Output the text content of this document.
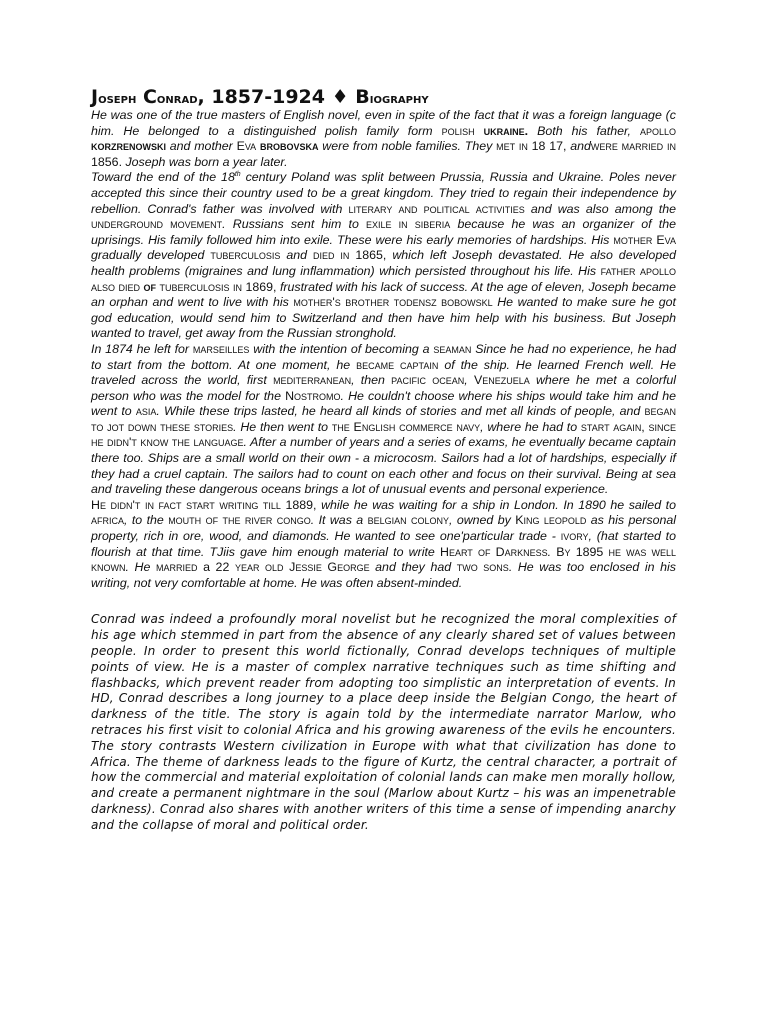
Joseph Conrad, 1857-1924 ♦ Biography

He was one of the true masters of English novel, even in spite of the fact that it was a foreign language (c him. He belonged to a distinguished polish family form polish ukraine. Both his father, apollo korzrenowski and mother Eva brobovska were from noble families. They met in 18 17, andwere married in 1856. Joseph was born a year later.

Toward the end of the 18th century Poland was split between Prussia, Russia and Ukraine. Poles never accepted this since their country used to be a great kingdom. They tried to regain their independence by rebellion. Conrad's father was involved with literary and political activities and was also among the underground movement. Russians sent him to exile in siberia because he was an organizer of the uprisings. His family followed him into exile. These were his early memories of hardships. His mother Eva gradually developed tuberculosis and died in 1865, which left Joseph devastated. He also developed health problems (migraines and lung inflammation) which persisted throughout his life. His father apollo also died of tuberculosis in 1869, frustrated with his lack of success. At the age of eleven, Joseph became an orphan and went to live with his mother's brother todensz bobowskl He wanted to make sure he got god education, would send him to Switzerland and then have him help with his business. But Joseph wanted to travel, get away from the Russian stronghold.

In 1874 he left for marseilles with the intention of becoming a seaman Since he had no experience, he had to start from the bottom. At one moment, he became captain of the ship. He learned French well. He traveled across the world, first mediterranean, then pacific ocean, Venezuela where he met a colorful person who was the model for the Nostromo. He couldn't choose where his ships would take him and he went to asia. While these trips lasted, he heard all kinds of stories and met all kinds of people, and began to jot down these stories. He then went to the English commerce navy, where he had to start again, since he didn't know the language. After a number of years and a series of exams, he eventually became captain there too. Ships are a small world on their own - a microcosm. Sailors had a lot of hardships, especially if they had a cruel captain. The sailors had to count on each other and focus on their survival. Being at sea and traveling these dangerous oceans brings a lot of unusual events and personal experience.

He didn't in fact start writing till 1889, while he was waiting for a ship in London. In 1890 he sailed to africa, to the mouth of the river congo. It was a belgian colony, owned by King leopold as his personal property, rich in ore, wood, and diamonds. He wanted to see one'particular trade - ivory, (hat started to flourish at that time. TJiis gave him enough material to write Heart of Darkness. By 1895 he was well known. He married a 22 year old Jessie George and they had two sons. He was too enclosed in his writing, not very comfortable at home. He was often absent-minded.

Conrad was indeed a profoundly moral novelist but he recognized the moral complexities of his age which stemmed in part from the absence of any clearly shared set of values between people. In order to present this world fictionally, Conrad develops techniques of multiple points of view. He is a master of complex narrative techniques such as time shifting and flashbacks, which prevent reader from adopting too simplistic an interpretation of events. In HD, Conrad describes a long journey to a place deep inside the Belgian Congo, the heart of darkness of the title. The story is again told by the intermediate narrator Marlow, who retraces his first visit to colonial Africa and his growing awareness of the evils he encounters. The story contrasts Western civilization in Europe with what that civilization has done to Africa. The theme of darkness leads to the figure of Kurtz, the central character, a portrait of how the commercial and material exploitation of colonial lands can make men morally hollow, and create a permanent nightmare in the soul (Marlow about Kurtz – his was an impenetrable darkness). Conrad also shares with another writers of this time a sense of impending anarchy and the collapse of moral and political order.
